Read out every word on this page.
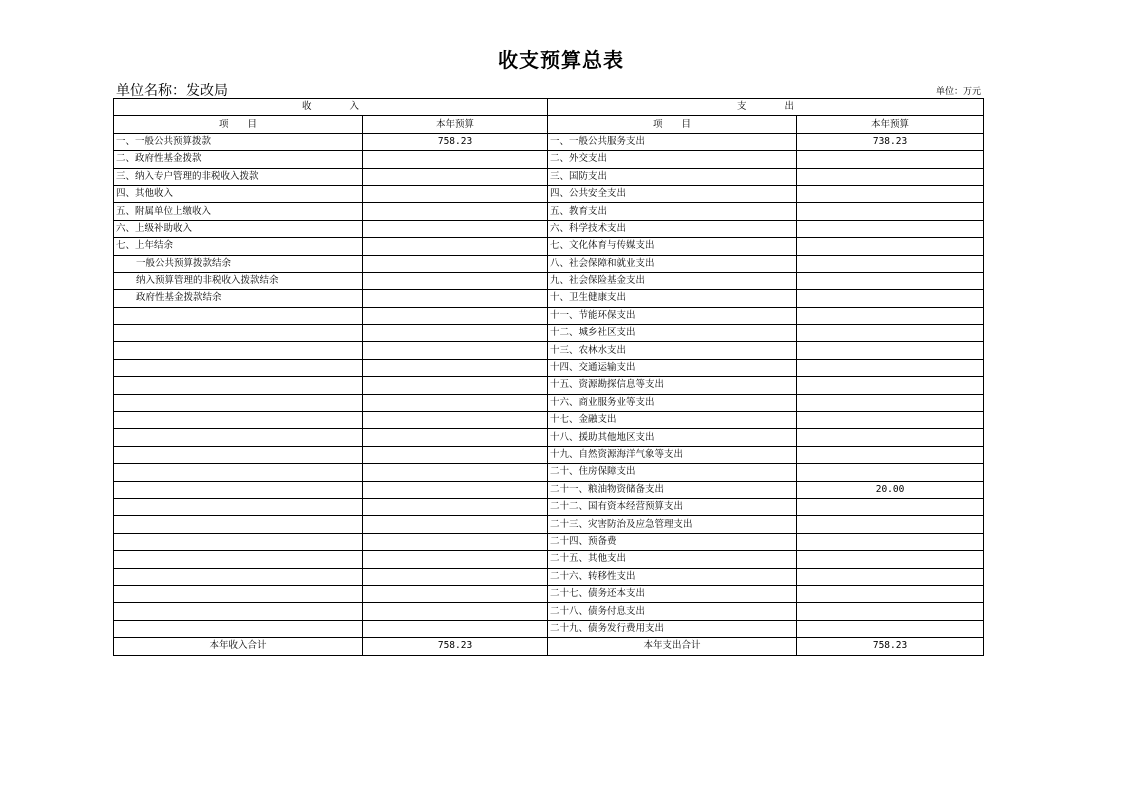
收支预算总表
单位名称：发改局	单位：万元
收　　　　入		支　　　　出	
项　　目	本年预算	项　　目	本年预算
一、一般公共预算拨款	758.23	一、一般公共服务支出	738.23
二、政府性基金拨款		二、外交支出	
三、纳入专户管理的非税收入拨款		三、国防支出	
四、其他收入		四、公共安全支出	
五、附属单位上缴收入		五、教育支出	
六、上级补助收入		六、科学技术支出	
七、上年结余		七、文化体育与传媒支出	
一般公共预算拨款结余		八、社会保障和就业支出	
纳入预算管理的非税收入拨款结余		九、社会保险基金支出	
政府性基金拨款结余		十、卫生健康支出	
		十一、节能环保支出	
		十二、城乡社区支出	
		十三、农林水支出	
		十四、交通运输支出	
		十五、资源勘探信息等支出	
		十六、商业服务业等支出	
		十七、金融支出	
		十八、援助其他地区支出	
		十九、自然资源海洋气象等支出	
		二十、住房保障支出	
		二十一、粮油物资储备支出	20.00
		二十二、国有资本经营预算支出	
		二十三、灾害防治及应急管理支出	
		二十四、预备费	
		二十五、其他支出	
		二十六、转移性支出	
		二十七、债务还本支出	
		二十八、债务付息支出	
		二十九、债务发行费用支出	
本年收入合计	758.23	本年支出合计	758.23
